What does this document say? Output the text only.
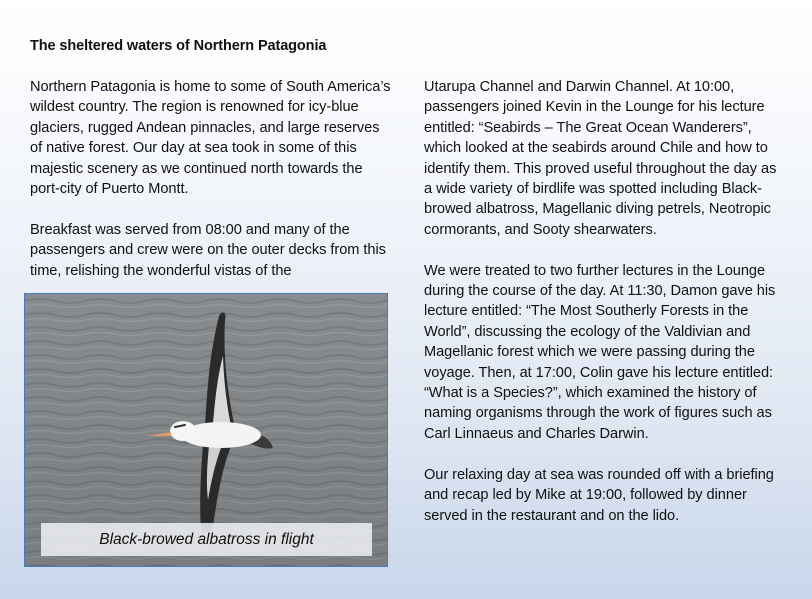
The sheltered waters of Northern Patagonia

Northern Patagonia is home to some of South America’s wildest country. The region is renowned for icy-blue glaciers, rugged Andean pinnacles, and large reserves of native forest. Our day at sea took in some of this majestic scenery as we continued north towards the port-city of Puerto Montt.

Breakfast was served from 08:00 and many of the passengers and crew were on the outer decks from this time, relishing the wonderful vistas of the

Black-browed albatross in flight

Utarupa Channel and Darwin Channel. At 10:00, passengers joined Kevin in the Lounge for his lecture entitled: “Seabirds – The Great Ocean Wanderers”, which looked at the seabirds around Chile and how to identify them. This proved useful throughout the day as a wide variety of birdlife was spotted including Black-browed albatross, Magellanic diving petrels, Neotropic cormorants, and Sooty shearwaters.

We were treated to two further lectures in the Lounge during the course of the day. At 11:30, Damon gave his lecture entitled: “The Most Southerly Forests in the World”, discussing the ecology of the Valdivian and Magellanic forest which we were passing during the voyage. Then, at 17:00, Colin gave his lecture entitled: “What is a Species?”, which examined the history of naming organisms through the work of figures such as Carl Linnaeus and Charles Darwin.

Our relaxing day at sea was rounded off with a briefing and recap led by Mike at 19:00, followed by dinner served in the restaurant and on the lido.
